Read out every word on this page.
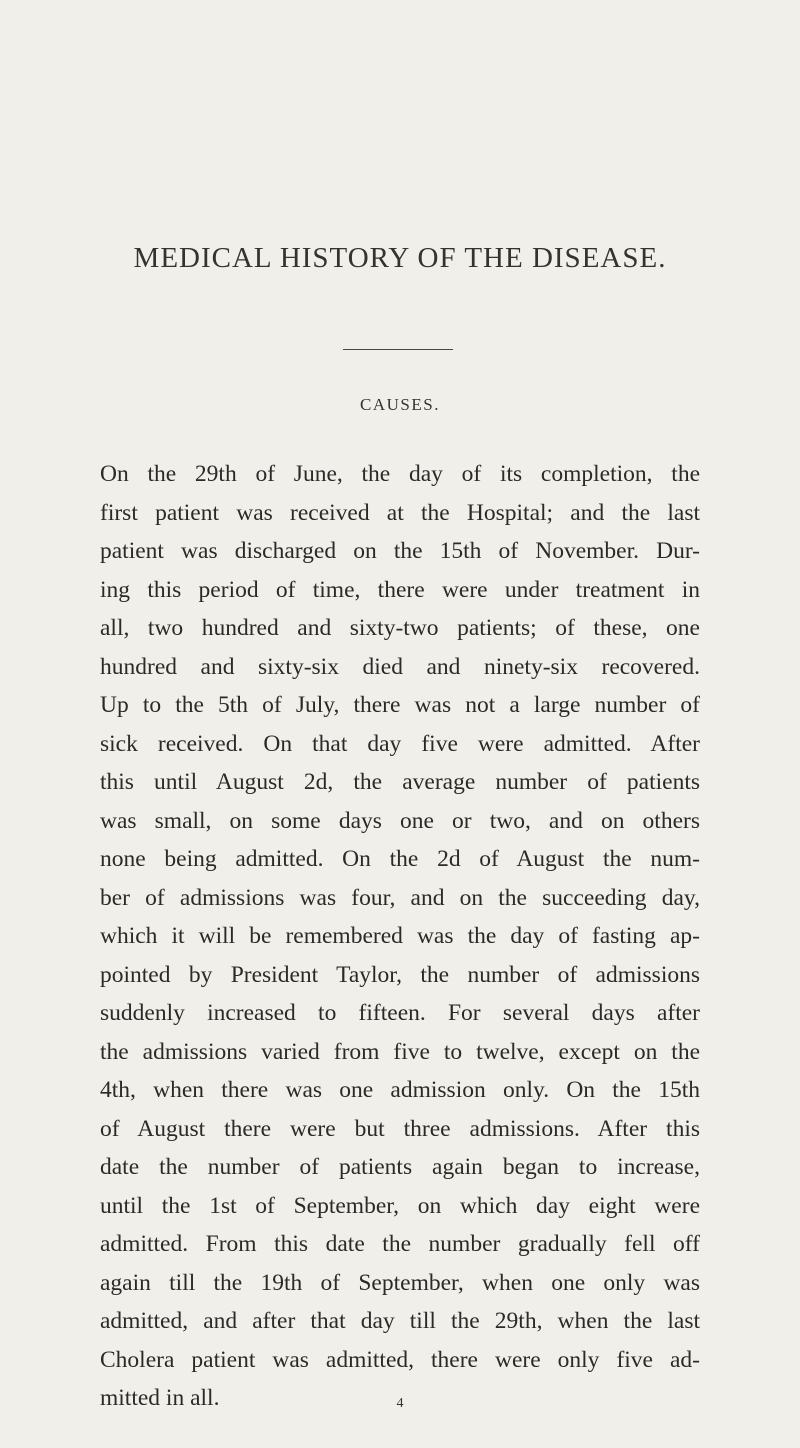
MEDICAL HISTORY OF THE DISEASE.
CAUSES.
On the 29th of June, the day of its completion, the
first patient was received at the Hospital; and the last
patient was discharged on the 15th of November. Dur-
ing this period of time, there were under treatment in
all, two hundred and sixty-two patients; of these, one
hundred and sixty-six died and ninety-six recovered.
Up to the 5th of July, there was not a large number of
sick received. On that day five were admitted. After
this until August 2d, the average number of patients
was small, on some days one or two, and on others
none being admitted. On the 2d of August the num-
ber of admissions was four, and on the succeeding day,
which it will be remembered was the day of fasting ap-
pointed by President Taylor, the number of admissions
suddenly increased to fifteen. For several days after
the admissions varied from five to twelve, except on the
4th, when there was one admission only. On the 15th
of August there were but three admissions. After this
date the number of patients again began to increase,
until the 1st of September, on which day eight were
admitted. From this date the number gradually fell off
again till the 19th of September, when one only was
admitted, and after that day till the 29th, when the last
Cholera patient was admitted, there were only five ad-
mitted in all.	4
